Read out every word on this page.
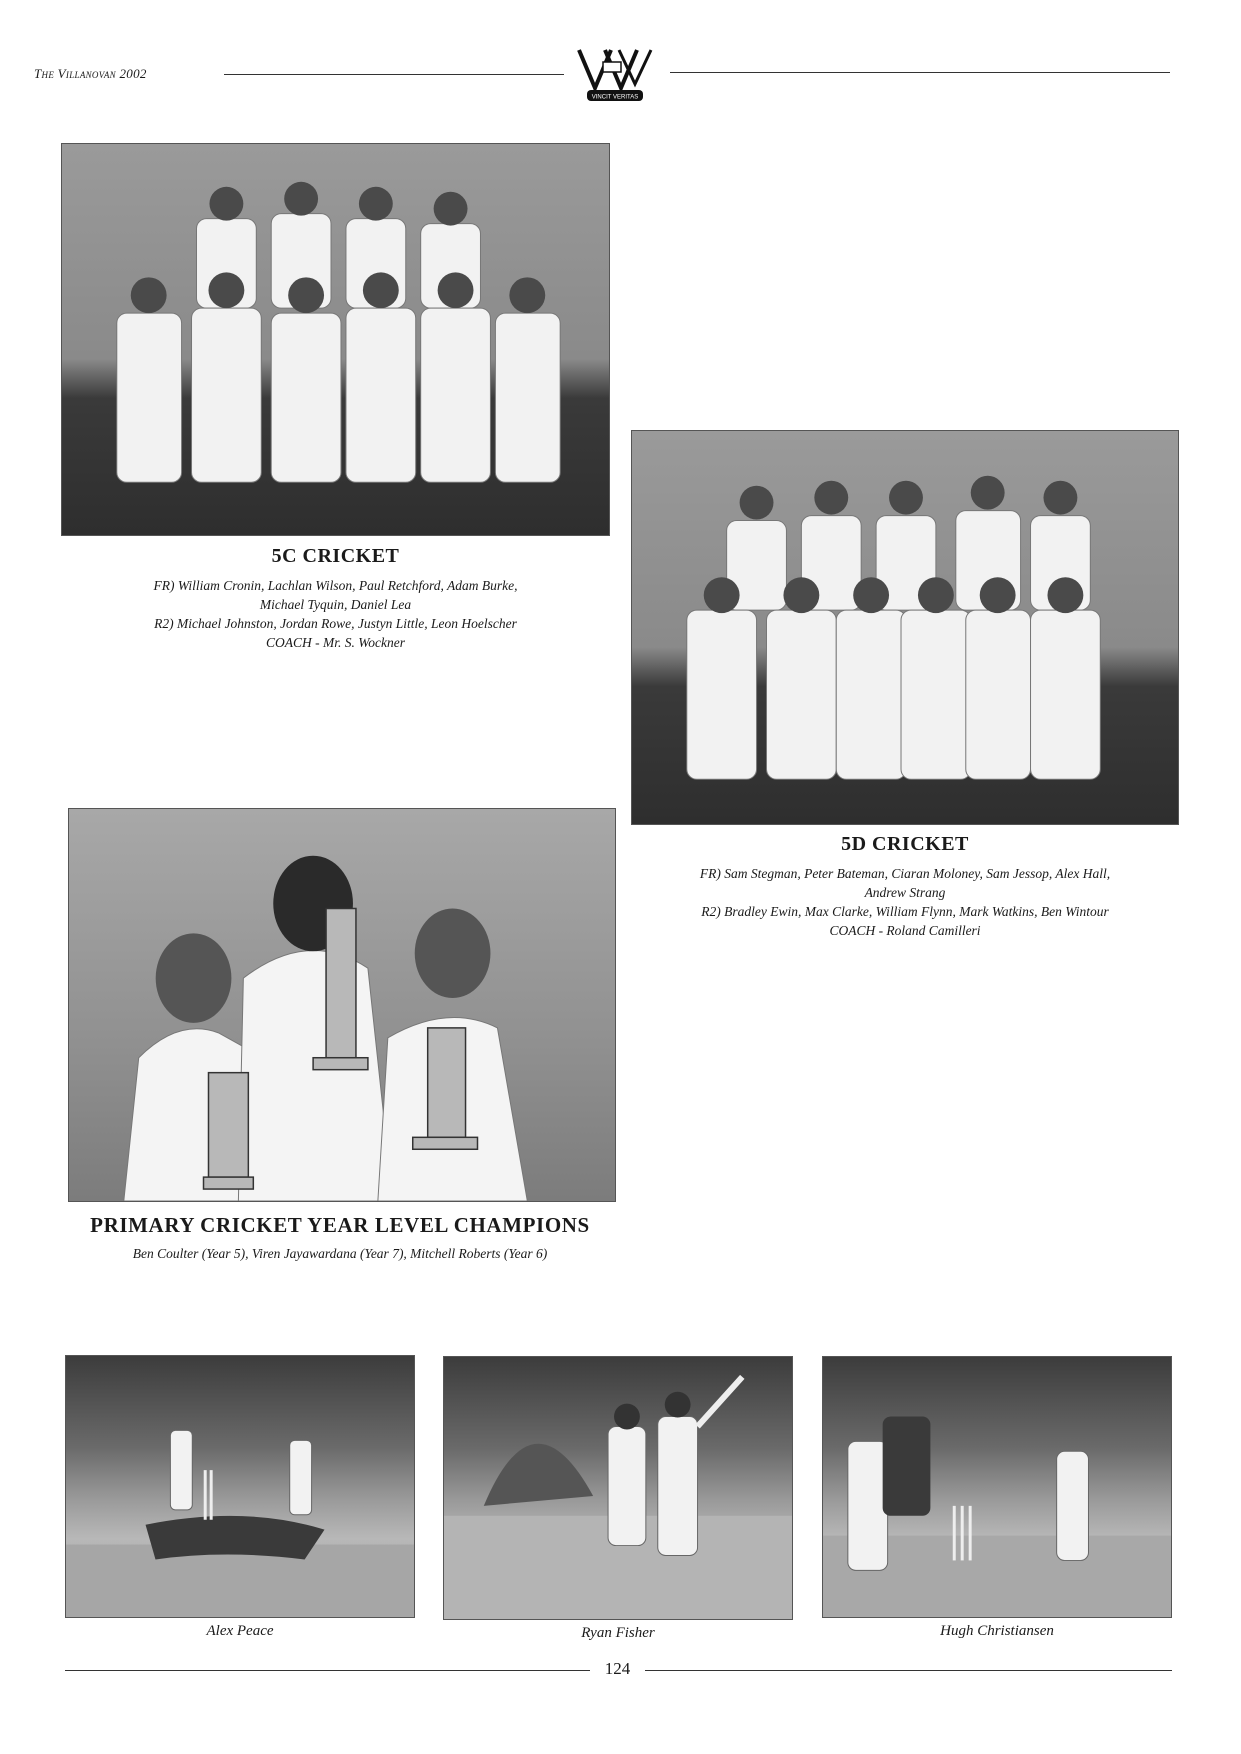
The Villanovan 2002
VINCIT VERITAS
5C CRICKET
FR) William Cronin, Lachlan Wilson, Paul Retchford, Adam Burke,
Michael Tyquin, Daniel Lea
R2) Michael Johnston, Jordan Rowe, Justyn Little, Leon Hoelscher
COACH - Mr. S. Wockner
5D CRICKET
FR) Sam Stegman, Peter Bateman, Ciaran Moloney, Sam Jessop, Alex Hall,
Andrew Strang
R2) Bradley Ewin, Max Clarke, William Flynn, Mark Watkins, Ben Wintour
COACH - Roland Camilleri
PRIMARY CRICKET YEAR LEVEL CHAMPIONS
Ben Coulter (Year 5), Viren Jayawardana (Year 7), Mitchell Roberts (Year 6)
Alex Peace	Ryan Fisher	Hugh Christiansen
124
